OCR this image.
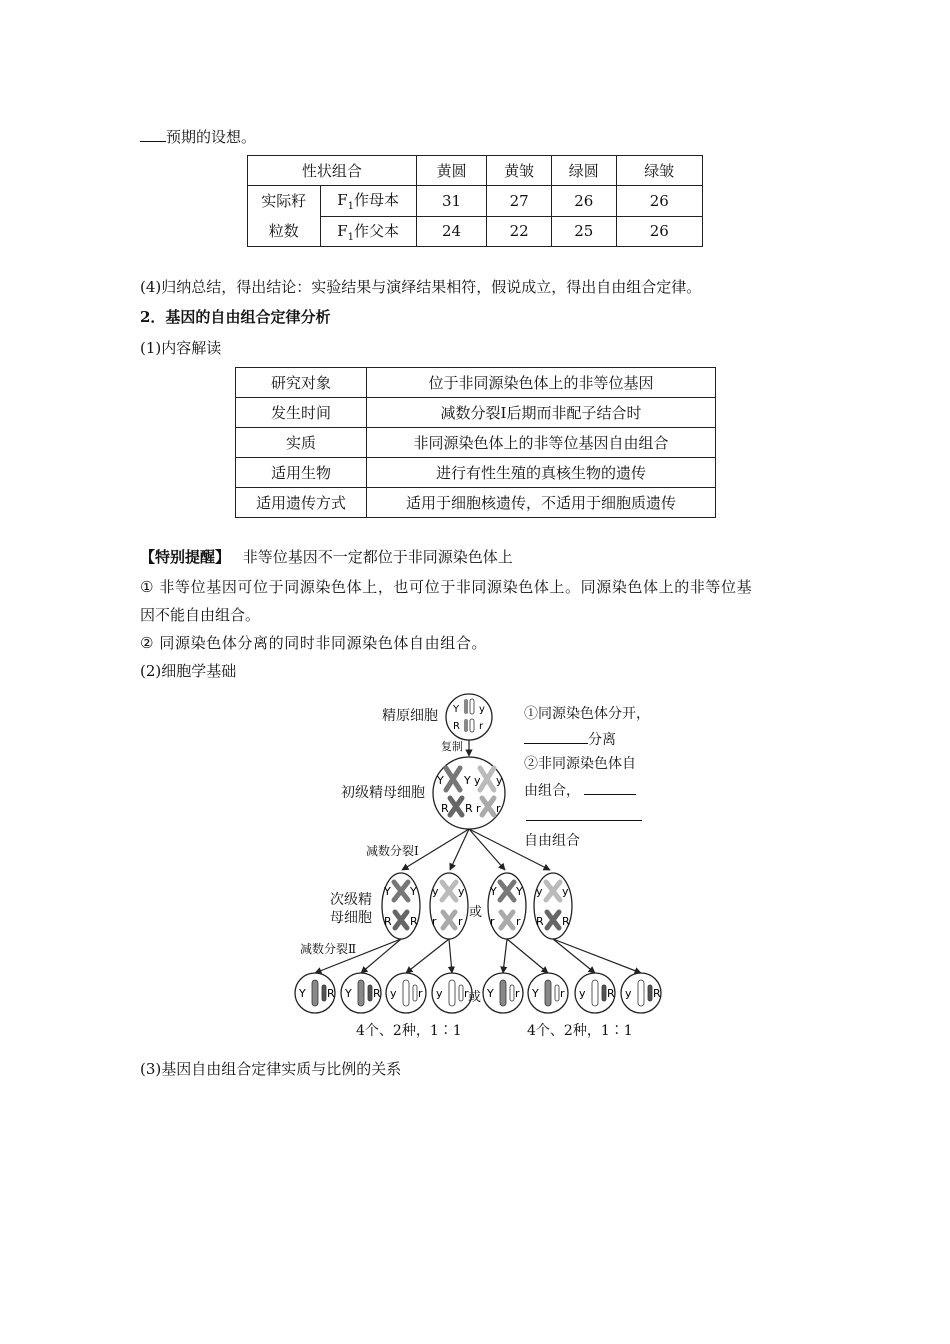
预期的设想。
性状组合		黄圆	黄皱	绿圆	绿皱
实际籽
粒数	$F_1$作母本	31	27	26	26
	$F_1$作父本	24	22	25	26
(4)归纳总结，得出结论：实验结果与演绎结果相符，假说成立，得出自由组合定律。
2．基因的自由组合定律分析
(1)内容解读
研究对象	位于非同源染色体上的非等位基因
发生时间	减数分裂Ⅰ后期而非配子结合时
实质	非同源染色体上的非等位基因自由组合
适用生物	进行有性生殖的真核生物的遗传
适用遗传方式	适用于细胞核遗传，不适用于细胞质遗传
【特别提醒】 非等位基因不一定都位于非同源染色体上
① 非等位基因可位于同源染色体上，也可位于非同源染色体上。同源染色体上的非等位基
因不能自由组合。
② 同源染色体分离的同时非同源染色体自由组合。
(2)细胞学基础
Y y
R r
Y Y y y
R R r r
Y Y
R R
y y
r r
Y Y
r r
y y
R R
Y R Y R y r y r Y r Y r y R y R
精原细胞
复制
初级精母细胞
减数分裂Ⅰ
次级精
母细胞	或
减数分裂Ⅱ
或
4个、2种，1∶1	4个、2种，1∶1
①同源染色体分开，
分离
②非同源染色体自
由组合，
自由组合
(3)基因自由组合定律实质与比例的关系
